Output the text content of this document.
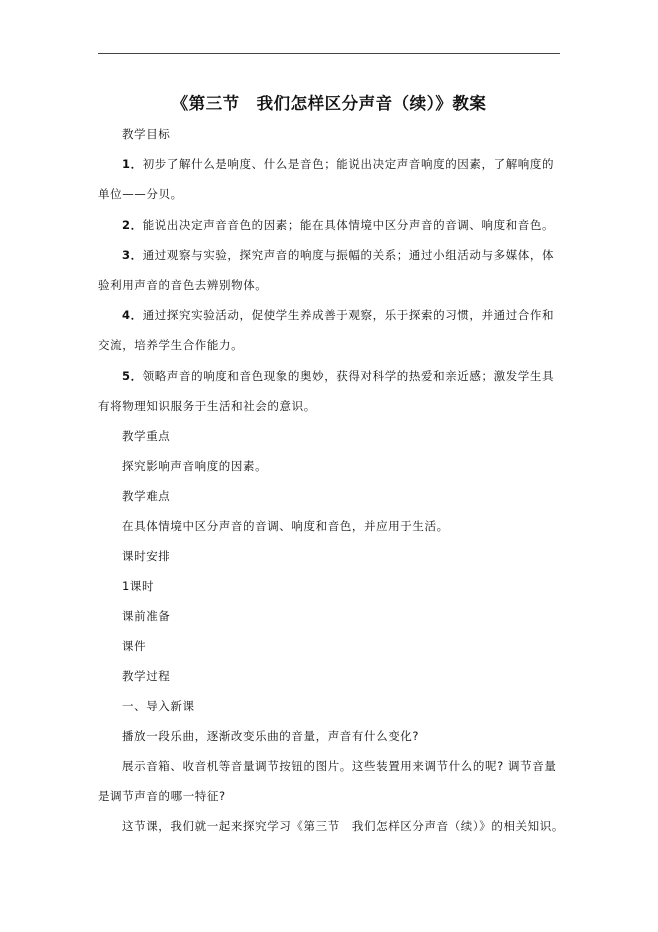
《第三节　我们怎样区分声音（续）》教案
教学目标
1．初步了解什么是响度、什么是音色；能说出决定声音响度的因素，了解响度的单位——分贝。
2．能说出决定声音音色的因素；能在具体情境中区分声音的音调、响度和音色。
3．通过观察与实验，探究声音的响度与振幅的关系；通过小组活动与多媒体，体验利用声音的音色去辨别物体。
4．通过探究实验活动，促使学生养成善于观察，乐于探索的习惯，并通过合作和交流，培养学生合作能力。
5．领略声音的响度和音色现象的奥妙，获得对科学的热爱和亲近感；激发学生具有将物理知识服务于生活和社会的意识。
教学重点
探究影响声音响度的因素。
教学难点
在具体情境中区分声音的音调、响度和音色，并应用于生活。
课时安排
1课时
课前准备
课件
教学过程
一、导入新课
播放一段乐曲，逐渐改变乐曲的音量，声音有什么变化?
展示音箱、收音机等音量调节按钮的图片。这些装置用来调节什么的呢? 调节音量是调节声音的哪一特征?
这节课，我们就一起来探究学习《第三节　我们怎样区分声音（续）》的相关知识。
